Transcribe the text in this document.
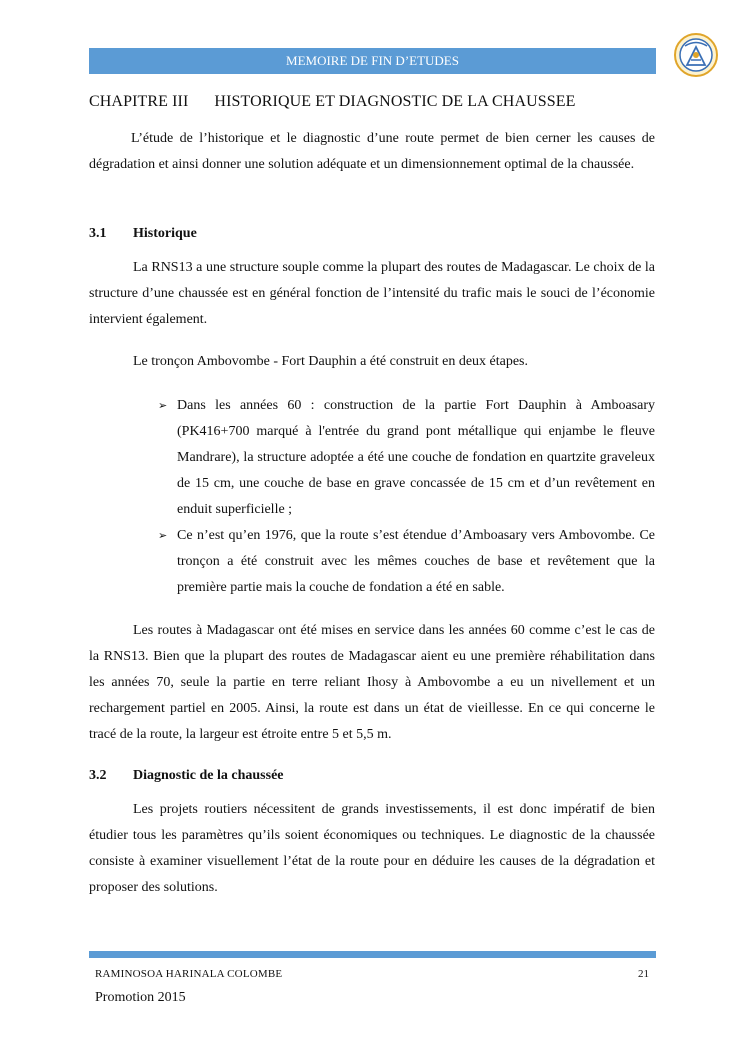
MEMOIRE DE FIN D’ETUDES
CHAPITRE III HISTORIQUE ET DIAGNOSTIC DE LA CHAUSSEE

L’étude de l’historique et le diagnostic d’une route permet de bien cerner les causes de dégradation et ainsi donner une solution adéquate et un dimensionnement optimal de la chaussée.

3.1 Historique

La RNS13 a une structure souple comme la plupart des routes de Madagascar. Le choix de la structure d’une chaussée est en général fonction de l’intensité du trafic mais le souci de l’économie intervient également.

Le tronçon Ambovombe - Fort Dauphin a été construit en deux étapes.

➢ Dans les années 60 : construction de la partie Fort Dauphin à Amboasary (PK416+700 marqué à l'entrée du grand pont métallique qui enjambe le fleuve Mandrare), la structure adoptée a été une couche de fondation en quartzite graveleux de 15 cm, une couche de base en grave concassée de 15 cm et d’un revêtement en enduit superficielle ;
➢ Ce n’est qu’en 1976, que la route s’est étendue d’Amboasary vers Ambovombe. Ce tronçon a été construit avec les mêmes couches de base et revêtement que la première partie mais la couche de fondation a été en sable.

Les routes à Madagascar ont été mises en service dans les années 60 comme c’est le cas de la RNS13. Bien que la plupart des routes de Madagascar aient eu une première réhabilitation dans les années 70, seule la partie en terre reliant Ihosy à Ambovombe a eu un nivellement et un rechargement partiel en 2005. Ainsi, la route est dans un état de vieillesse. En ce qui concerne le tracé de la route, la largeur est étroite entre 5 et 5,5 m.

3.2 Diagnostic de la chaussée

Les projets routiers nécessitent de grands investissements, il est donc impératif de bien étudier tous les paramètres qu’ils soient économiques ou techniques. Le diagnostic de la chaussée consiste à examiner visuellement l’état de la route pour en déduire les causes de la dégradation et proposer des solutions.

RAMINOSOA HARINALA COLOMBE	21
Promotion 2015
